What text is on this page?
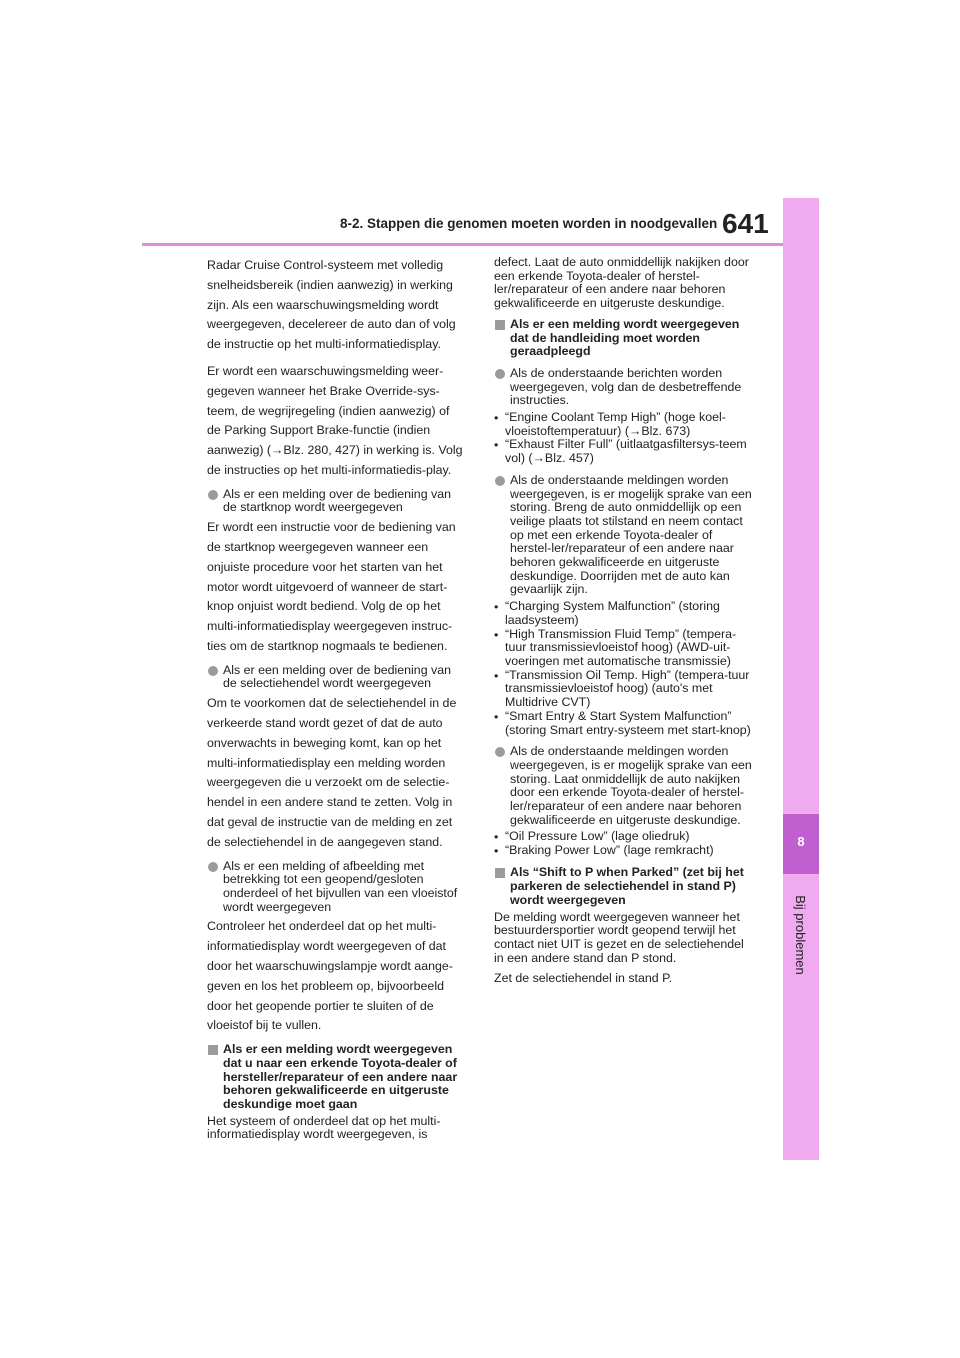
8-2. Stappen die genomen moeten worden in noodgevallen 641
8
Bij problemen

Radar Cruise Control-systeem met volledig snelheidsbereik (indien aanwezig) in werking zijn. Als een waarschuwingsmelding wordt weergegeven, decelereer de auto dan of volg de instructie op het multi-informatiedisplay.

Er wordt een waarschuwingsmelding weer-gegeven wanneer het Brake Override-sys-teem, de wegrijregeling (indien aanwezig) of de Parking Support Brake-functie (indien aanwezig) (→Blz. 280, 427) in werking is. Volg de instructies op het multi-informatiedis-play.

Als er een melding over de bediening van de startknop wordt weergegeven

Er wordt een instructie voor de bediening van de startknop weergegeven wanneer een onjuiste procedure voor het starten van het motor wordt uitgevoerd of wanneer de start-knop onjuist wordt bediend. Volg de op het multi-informatiedisplay weergegeven instruc-ties om de startknop nogmaals te bedienen.

Als er een melding over de bediening van de selectiehendel wordt weergegeven

Om te voorkomen dat de selectiehendel in de verkeerde stand wordt gezet of dat de auto onverwachts in beweging komt, kan op het multi-informatiedisplay een melding worden weergegeven die u verzoekt om de selectie-hendel in een andere stand te zetten. Volg in dat geval de instructie van de melding en zet de selectiehendel in de aangegeven stand.

Als er een melding of afbeelding met betrekking tot een geopend/gesloten onderdeel of het bijvullen van een vloeistof wordt weergegeven

Controleer het onderdeel dat op het multi-informatiedisplay wordt weergegeven of dat door het waarschuwingslampje wordt aange-geven en los het probleem op, bijvoorbeeld door het geopende portier te sluiten of de vloeistof bij te vullen.

Als er een melding wordt weergegeven dat u naar een erkende Toyota-dealer of hersteller/reparateur of een andere naar behoren gekwalificeerde en uitgeruste deskundige moet gaan

Het systeem of onderdeel dat op het multi-informatiedisplay wordt weergegeven, is

defect. Laat de auto onmiddellijk nakijken door een erkende Toyota-dealer of herstel-ler/reparateur of een andere naar behoren gekwalificeerde en uitgeruste deskundige.

Als er een melding wordt weergegeven dat de handleiding moet worden geraadpleegd
Als de onderstaande berichten worden weergegeven, volg dan de desbetreffende instructies.
• “Engine Coolant Temp High” (hoge koel-vloeistoftemperatuur) (→Blz. 673)
• “Exhaust Filter Full” (uitlaatgasfiltersys-teem vol) (→Blz. 457)
Als de onderstaande meldingen worden weergegeven, is er mogelijk sprake van een storing. Breng de auto onmiddellijk op een veilige plaats tot stilstand en neem contact op met een erkende Toyota-dealer of herstel-ler/reparateur of een andere naar behoren gekwalificeerde en uitgeruste deskundige. Doorrijden met de auto kan gevaarlijk zijn.
• “Charging System Malfunction” (storing laadsysteem)
• “High Transmission Fluid Temp” (tempera-tuur transmissievloeistof hoog) (AWD-uit-voeringen met automatische transmissie)
• “Transmission Oil Temp. High” (tempera-tuur transmissievloeistof hoog) (auto's met Multidrive CVT)
• “Smart Entry & Start System Malfunction” (storing Smart entry-systeem met start-knop)
Als de onderstaande meldingen worden weergegeven, is er mogelijk sprake van een storing. Laat onmiddellijk de auto nakijken door een erkende Toyota-dealer of herstel-ler/reparateur of een andere naar behoren gekwalificeerde en uitgeruste deskundige.
• “Oil Pressure Low” (lage oliedruk)
• “Braking Power Low” (lage remkracht)
Als “Shift to P when Parked” (zet bij het parkeren de selectiehendel in stand P) wordt weergegeven

De melding wordt weergegeven wanneer het bestuurdersportier wordt geopend terwijl het contact niet UIT is gezet en de selectiehendel in een andere stand dan P stond.

Zet de selectiehendel in stand P.
